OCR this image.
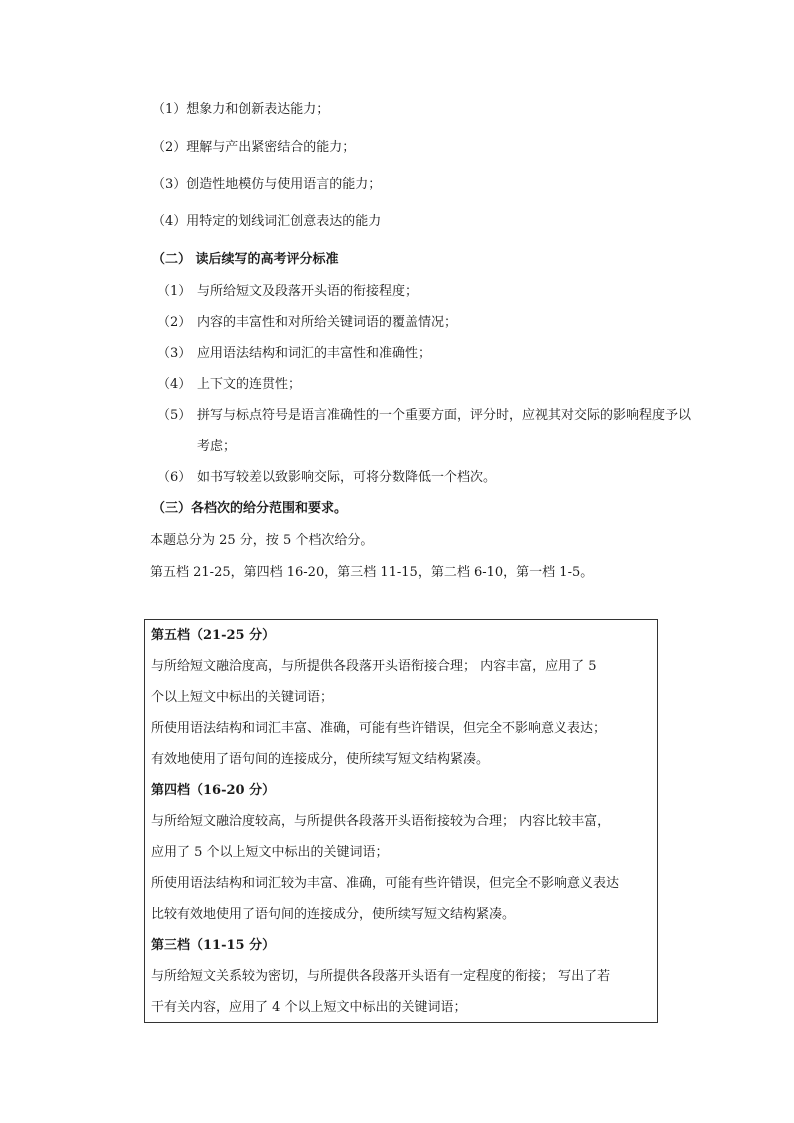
（1）想象力和创新表达能力；
（2）理解与产出紧密结合的能力；
（3）创造性地模仿与使用语言的能力；
（4）用特定的划线词汇创意表达的能力
（二） 读后续写的高考评分标准
（1） 与所给短文及段落开头语的衔接程度；
（2） 内容的丰富性和对所给关键词语的覆盖情况；
（3） 应用语法结构和词汇的丰富性和准确性；
（4） 上下文的连贯性；
（5） 拼写与标点符号是语言准确性的一个重要方面，评分时，应视其对交际的影响程度予以
考虑；
（6） 如书写较差以致影响交际，可将分数降低一个档次。
（三）各档次的给分范围和要求。
本题总分为 25 分，按 5 个档次给分。
第五档 21-25，第四档 16-20，第三档 11-15，第二档 6-10，第一档 1-5。
第五档（21-25 分）
与所给短文融洽度高，与所提供各段落开头语衔接合理； 内容丰富，应用了 5
个以上短文中标出的关键词语；
所使用语法结构和词汇丰富、准确，可能有些许错误，但完全不影响意义表达；
有效地使用了语句间的连接成分，使所续写短文结构紧凑。
第四档（16-20 分）
与所给短文融洽度较高，与所提供各段落开头语衔接较为合理； 内容比较丰富，
应用了 5 个以上短文中标出的关键词语；
所使用语法结构和词汇较为丰富、准确，可能有些许错误，但完全不影响意义表达
比较有效地使用了语句间的连接成分，使所续写短文结构紧凑。
第三档（11-15 分）
与所给短文关系较为密切，与所提供各段落开头语有一定程度的衔接； 写出了若
干有关内容，应用了 4 个以上短文中标出的关键词语；
